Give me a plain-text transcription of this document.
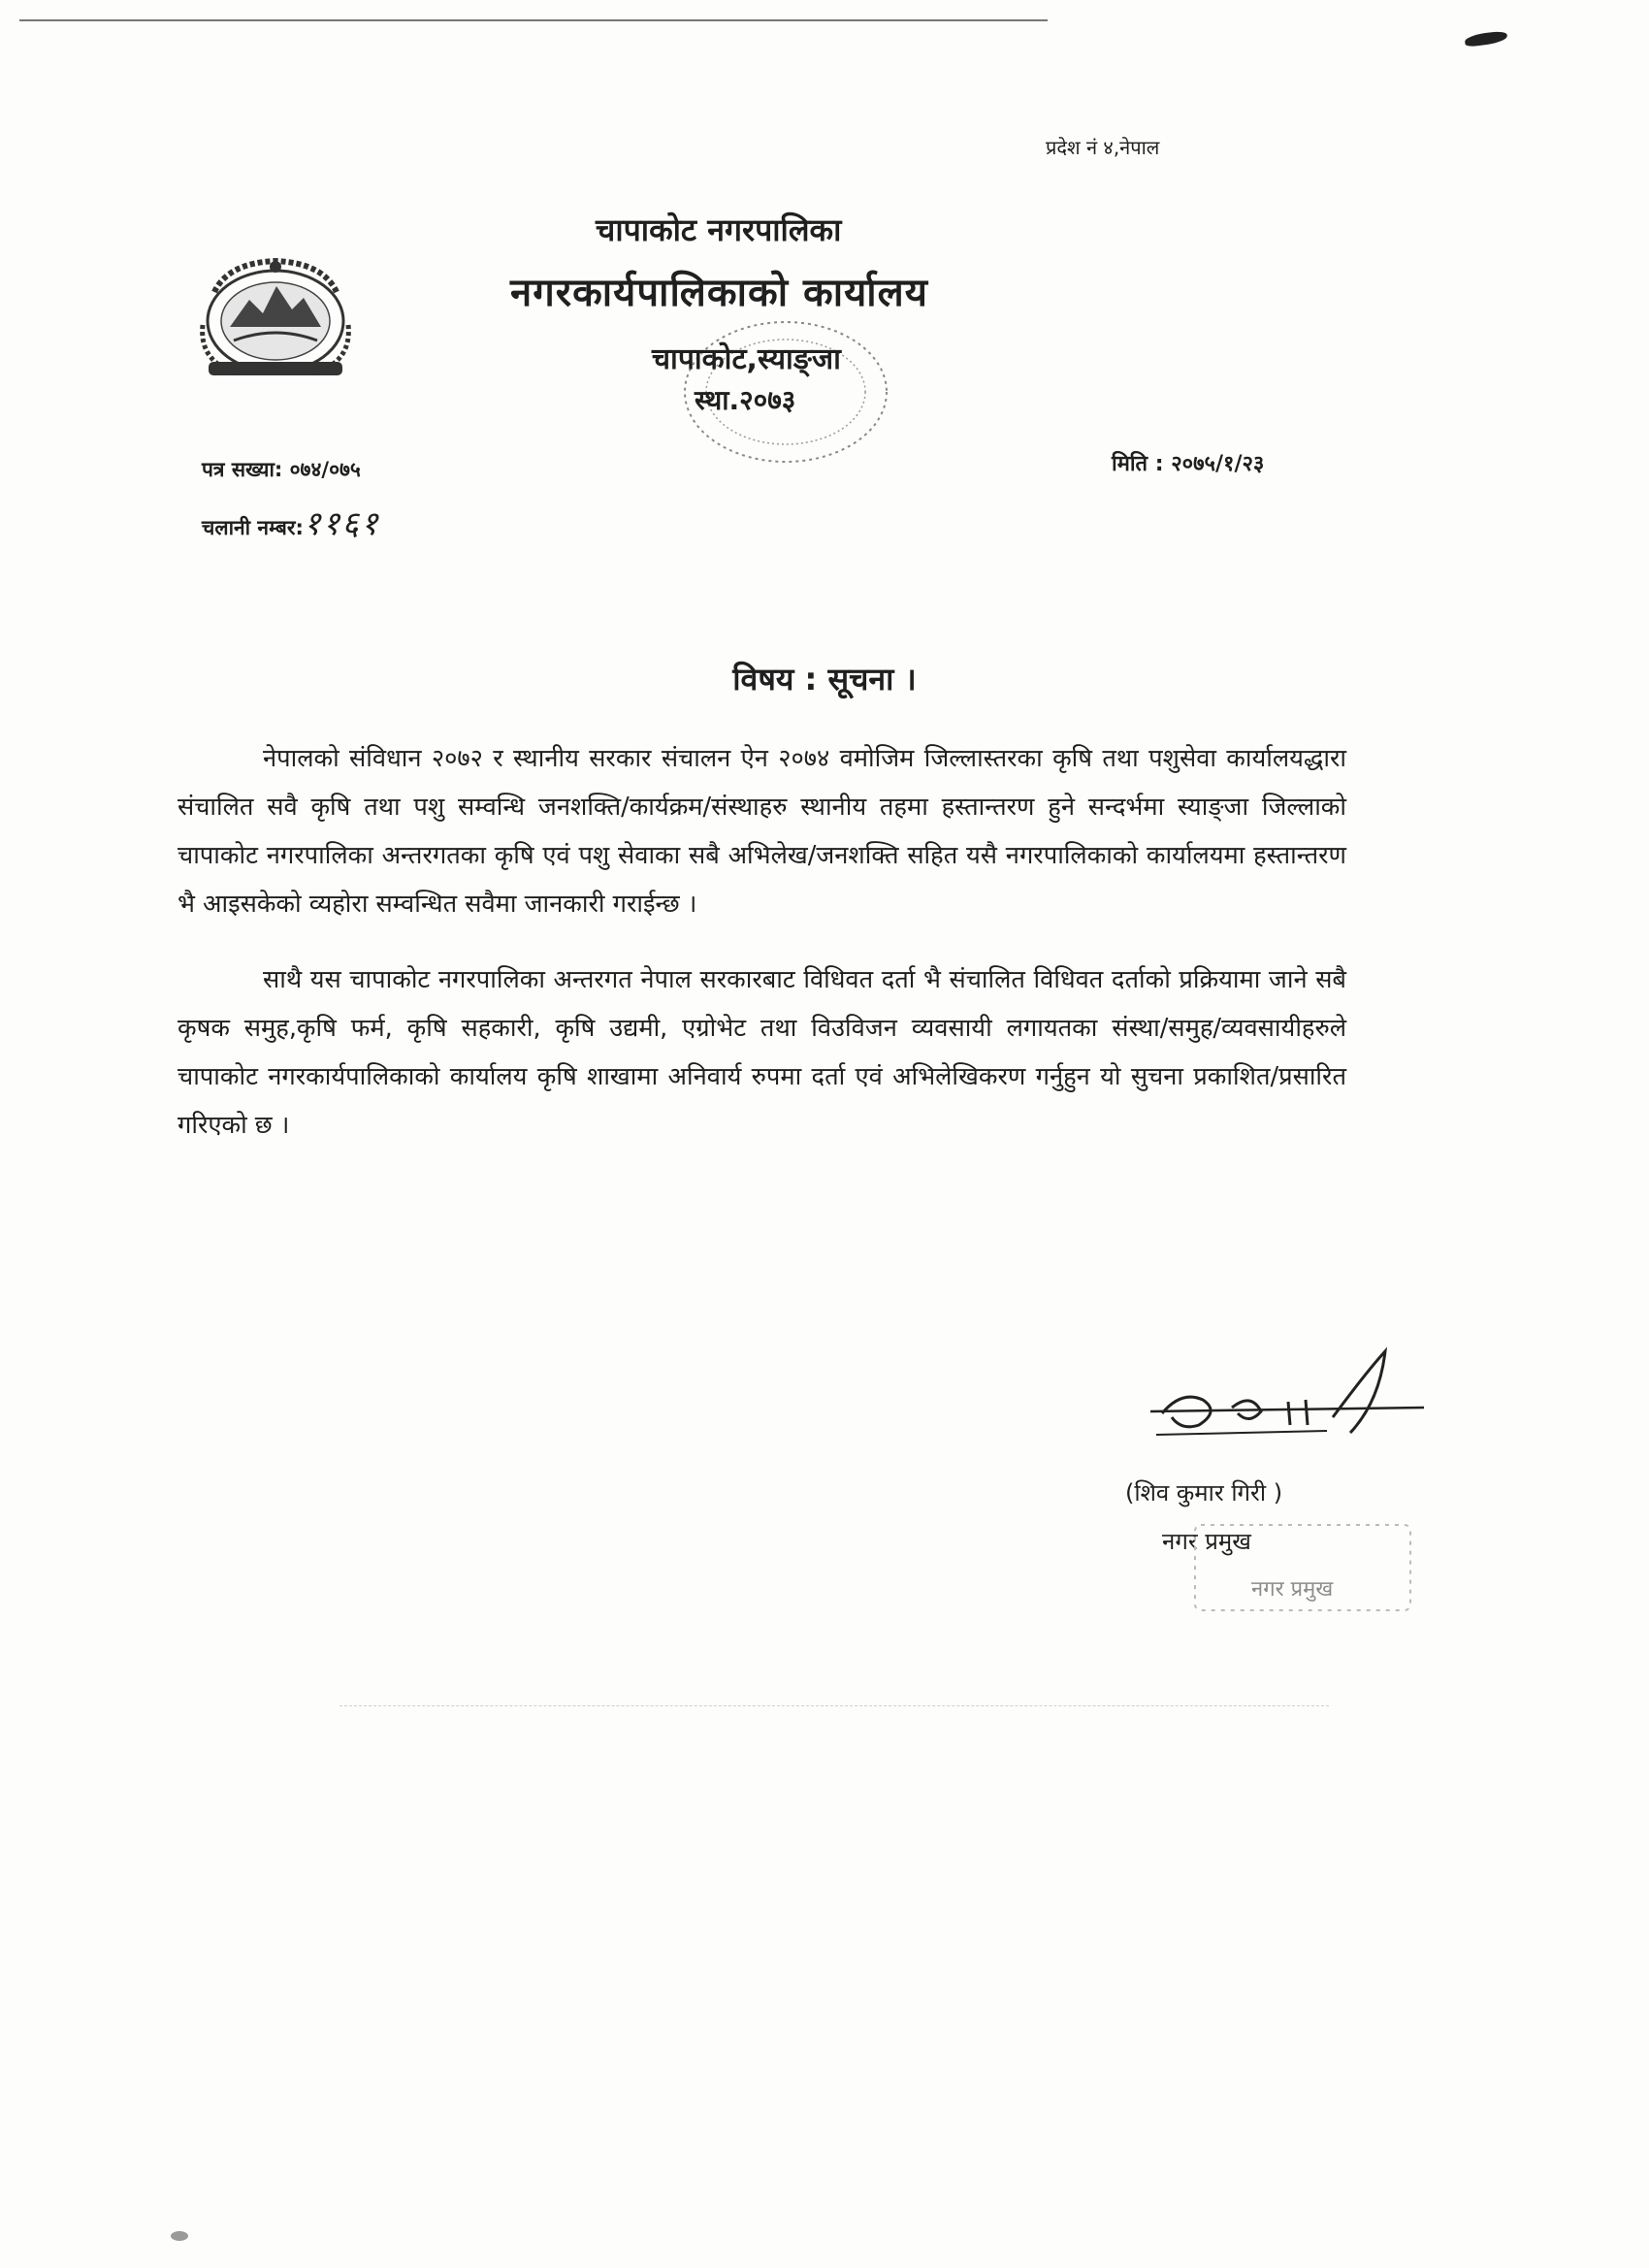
प्रदेश नं ४,नेपाल
चापाकोट नगरपालिका
नगरकार्यपालिकाको कार्यालय
चापाकोट,स्याङ्जा
स्था.२०७३
पत्र सख्या: ०७४/०७५
चलानी नम्बर:११६१
मिति : २०७५/१/२३
विषय : सूचना ।

नेपालको संविधान २०७२ र स्थानीय सरकार संचालन ऐन २०७४ वमोजिम जिल्लास्तरका कृषि तथा पशुसेवा कार्यालयद्धारा संचालित सवै कृषि तथा पशु सम्वन्धि जनशक्ति/कार्यक्रम/संस्थाहरु स्थानीय तहमा हस्तान्तरण हुने सन्दर्भमा स्याङ्जा जिल्लाको चापाकोट नगरपालिका अन्तरगतका कृषि एवं पशु सेवाका सबै अभिलेख/जनशक्ति सहित यसै नगरपालिकाको कार्यालयमा हस्तान्तरण भै आइसकेको व्यहोरा सम्वन्धित सवैमा जानकारी गराईन्छ ।

साथै यस चापाकोट नगरपालिका अन्तरगत नेपाल सरकारबाट विधिवत दर्ता भै संचालित विधिवत दर्ताको प्रक्रियामा जाने सबै कृषक समुह,कृषि फर्म, कृषि सहकारी, कृषि उद्यमी, एग्रोभेट तथा विउविजन व्यवसायी लगायतका संस्था/समुह/व्यवसायीहरुले चापाकोट नगरकार्यपालिकाको कार्यालय कृषि शाखामा अनिवार्य रुपमा दर्ता एवं अभिलेखिकरण गर्नुहुन यो सुचना प्रकाशित/प्रसारित गरिएको छ ।

(शिव कुमार गिरी )
नगर प्रमुख
नगर प्रमुख
